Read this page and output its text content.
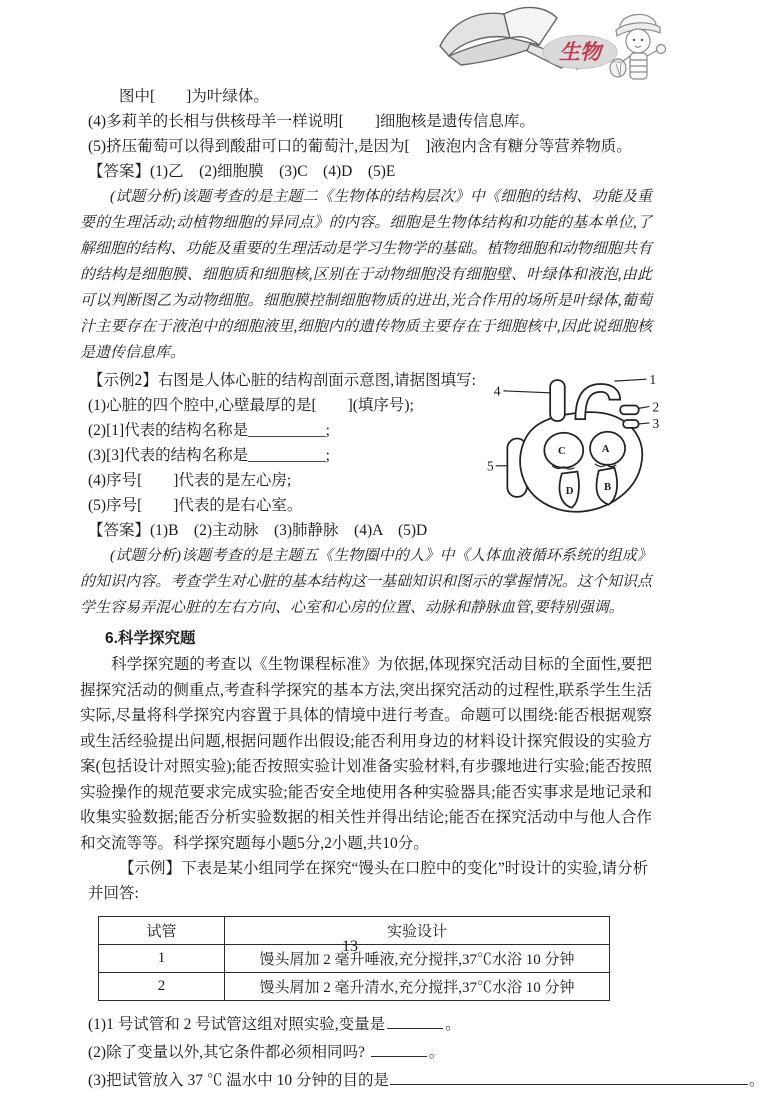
生物
图中[　　]为叶绿体。
(4)多莉羊的长相与供核母羊一样说明[　　]细胞核是遗传信息库。
(5)挤压葡萄可以得到酸甜可口的葡萄汁,是因为[　]液泡内含有糖分等营养物质。
【答案】(1)乙　(2)细胞膜　(3)C　(4)D　(5)E
(试题分析)该题考查的是主题二《生物体的结构层次》中《细胞的结构、功能及重要的生理活动;动植物细胞的异同点》的内容。细胞是生物体结构和功能的基本单位,了解细胞的结构、功能及重要的生理活动是学习生物学的基础。植物细胞和动物细胞共有的结构是细胞膜、细胞质和细胞核,区别在于动物细胞没有细胞壁、叶绿体和液泡,由此可以判断图乙为动物细胞。细胞膜控制细胞物质的进出,光合作用的场所是叶绿体,葡萄汁主要存在于液泡中的细胞液里,细胞内的遗传物质主要存在于细胞核中,因此说细胞核是遗传信息库。
【示例2】右图是人体心脏的结构剖面示意图,请据图填写:
(1)心脏的四个腔中,心壁最厚的是[　　](填序号);
(2)[1]代表的结构名称是__________;
(3)[3]代表的结构名称是__________;
(4)序号[　　]代表的是左心房;
(5)序号[　　]代表的是右心室。
4
1
2
3
5
C	A
D	B
【答案】(1)B　(2)主动脉　(3)肺静脉　(4)A　(5)D
(试题分析)该题考查的是主题五《生物圈中的人》中《人体血液循环系统的组成》的知识内容。考查学生对心脏的基本结构这一基础知识和图示的掌握情况。这个知识点学生容易弄混心脏的左右方向、心室和心房的位置、动脉和静脉血管,要特别强调。
6.科学探究题
科学探究题的考查以《生物课程标准》为依据,体现探究活动目标的全面性,要把握探究活动的侧重点,考查科学探究的基本方法,突出探究活动的过程性,联系学生生活实际,尽量将科学探究内容置于具体的情境中进行考查。命题可以围绕:能否根据观察或生活经验提出问题,根据问题作出假设;能否利用身边的材料设计探究假设的实验方案(包括设计对照实验);能否按照实验计划准备实验材料,有步骤地进行实验;能否按照实验操作的规范要求完成实验;能否安全地使用各种实验器具;能否实事求是地记录和收集实验数据;能否分析实验数据的相关性并得出结论;能否在探究活动中与他人合作和交流等等。科学探究题每小题5分,2小题,共10分。
【示例】下表是某小组同学在探究“馒头在口腔中的变化”时设计的实验,请分析并回答:
试管	实验设计
1	馒头屑加 2 毫升唾液,充分搅拌,37℃水浴 10 分钟
2	馒头屑加 2 毫升清水,充分搅拌,37℃水浴 10 分钟
(1)1 号试管和 2 号试管这组对照实验,变量是	。
(2)除了变量以外,其它条件都必须相同吗?	。
(3)把试管放入 37 ℃ 温水中 10 分钟的目的是	。
13
